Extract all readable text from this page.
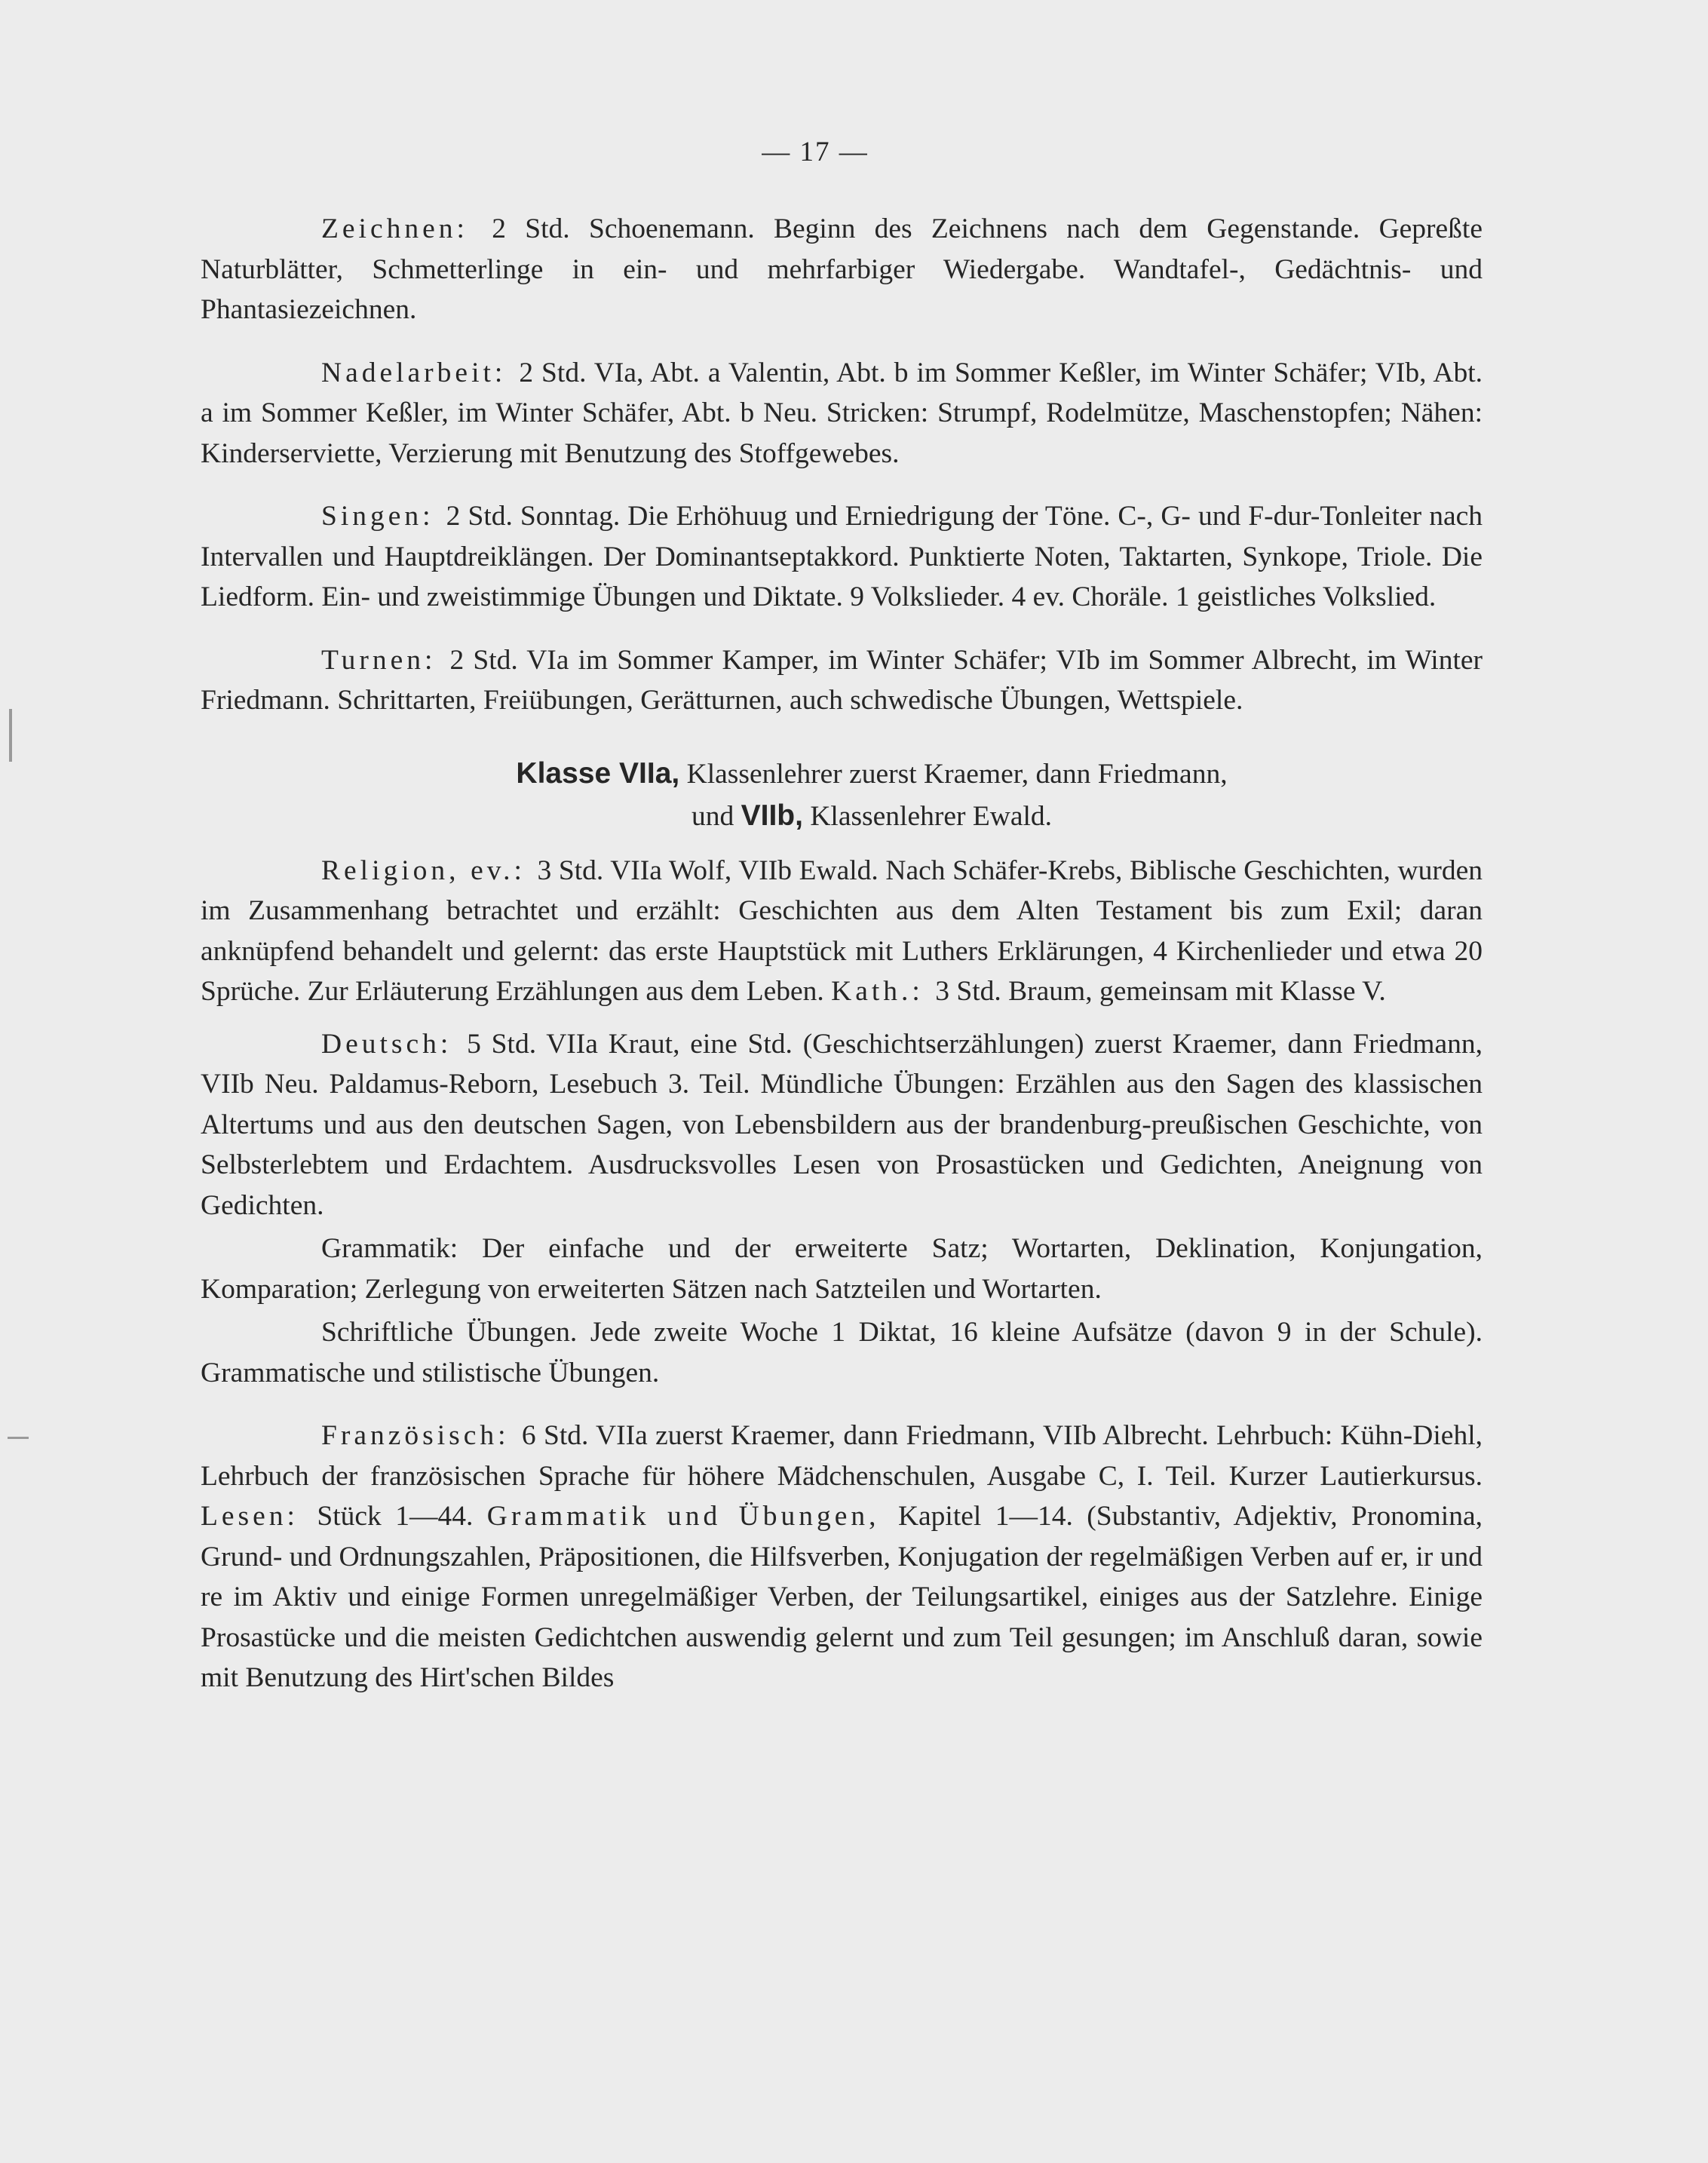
— 17 —

Zeichnen: 2 Std. Schoenemann. Beginn des Zeichnens nach dem Gegenstande. Gepreßte Naturblätter, Schmetterlinge in ein- und mehrfarbiger Wiedergabe. Wandtafel-, Gedächtnis- und Phantasiezeichnen.

Nadelarbeit: 2 Std. VIa, Abt. a Valentin, Abt. b im Sommer Keßler, im Winter Schäfer; VIb, Abt. a im Sommer Keßler, im Winter Schäfer, Abt. b Neu. Stricken: Strumpf, Rodelmütze, Maschenstopfen; Nähen: Kinderserviette, Verzierung mit Benutzung des Stoffgewebes.

Singen: 2 Std. Sonntag. Die Erhöhuug und Erniedrigung der Töne. C-, G- und F-dur-Tonleiter nach Intervallen und Hauptdreiklängen. Der Dominantseptakkord. Punktierte Noten, Taktarten, Synkope, Triole. Die Liedform. Ein- und zweistimmige Übungen und Diktate. 9 Volkslieder. 4 ev. Choräle. 1 geistliches Volkslied.

Turnen: 2 Std. VIa im Sommer Kamper, im Winter Schäfer; VIb im Sommer Albrecht, im Winter Friedmann. Schrittarten, Freiübungen, Gerätturnen, auch schwedische Übungen, Wettspiele.

Klasse VIIa, Klassenlehrer zuerst Kraemer, dann Friedmann,
und VIIb, Klassenlehrer Ewald.

Religion, ev.: 3 Std. VIIa Wolf, VIIb Ewald. Nach Schäfer-Krebs, Biblische Geschichten, wurden im Zusammenhang betrachtet und erzählt: Geschichten aus dem Alten Testament bis zum Exil; daran anknüpfend behandelt und gelernt: das erste Hauptstück mit Luthers Erklärungen, 4 Kirchenlieder und etwa 20 Sprüche. Zur Erläuterung Erzählungen aus dem Leben. Kath.: 3 Std. Braum, gemeinsam mit Klasse V.

Deutsch: 5 Std. VIIa Kraut, eine Std. (Geschichtserzählungen) zuerst Kraemer, dann Friedmann, VIIb Neu. Paldamus-Reborn, Lesebuch 3. Teil. Mündliche Übungen: Erzählen aus den Sagen des klassischen Altertums und aus den deutschen Sagen, von Lebensbildern aus der brandenburg-preußischen Geschichte, von Selbsterlebtem und Erdachtem. Ausdrucksvolles Lesen von Prosastücken und Gedichten, Aneignung von Gedichten.

Grammatik: Der einfache und der erweiterte Satz; Wortarten, Deklination, Konjungation, Komparation; Zerlegung von erweiterten Sätzen nach Satzteilen und Wortarten.

Schriftliche Übungen. Jede zweite Woche 1 Diktat, 16 kleine Aufsätze (davon 9 in der Schule). Grammatische und stilistische Übungen.

Französisch: 6 Std. VIIa zuerst Kraemer, dann Friedmann, VIIb Albrecht. Lehrbuch: Kühn-Diehl, Lehrbuch der französischen Sprache für höhere Mädchenschulen, Ausgabe C, I. Teil. Kurzer Lautierkursus. Lesen: Stück 1—44. Grammatik und Übungen, Kapitel 1—14. (Substantiv, Adjektiv, Pronomina, Grund- und Ordnungszahlen, Präpositionen, die Hilfsverben, Konjugation der regelmäßigen Verben auf er, ir und re im Aktiv und einige Formen unregelmäßiger Verben, der Teilungsartikel, einiges aus der Satzlehre. Einige Prosastücke und die meisten Gedichtchen auswendig gelernt und zum Teil gesungen; im Anschluß daran, sowie mit Benutzung des Hirt'schen Bildes
